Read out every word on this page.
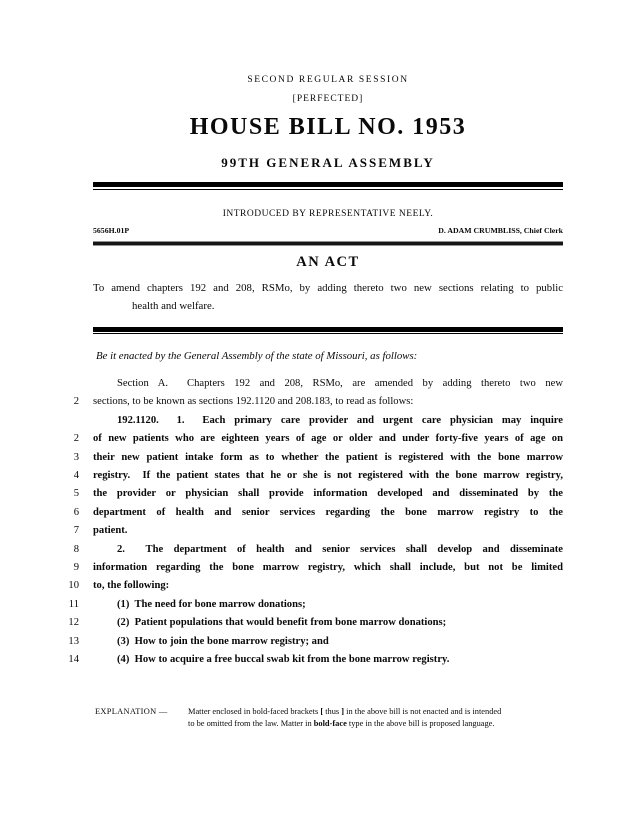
SECOND REGULAR SESSION
[PERFECTED]
HOUSE BILL NO. 1953
99TH GENERAL ASSEMBLY
INTRODUCED BY REPRESENTATIVE NEELY.
5656H.01P	D. ADAM CRUMBLISS, Chief Clerk
AN ACT
To amend chapters 192 and 208, RSMo, by adding thereto two new sections relating to public
health and welfare.

Be it enacted by the General Assembly of the state of Missouri, as follows:

Section A.  Chapters 192 and 208, RSMo, are amended by adding thereto two new
2 sections, to be known as sections 192.1120 and 208.183, to read as follows:
192.1120.  1.  Each primary care provider and urgent care physician may inquire
2 of new patients who are eighteen years of age or older and under forty-five years of age on
3 their new patient intake form as to whether the patient is registered with the bone marrow
4 registry.  If the patient states that he or she is not registered with the bone marrow registry,
5 the provider or physician shall provide information developed and disseminated by the
6 department of health and senior services regarding the bone marrow registry to the
7 patient.
8	2.  The department of health and senior services shall develop and disseminate
9 information regarding the bone marrow registry, which shall include, but not be limited
10 to, the following:
11	(1)  The need for bone marrow donations;
12	(2)  Patient populations that would benefit from bone marrow donations;
13	(3)  How to join the bone marrow registry; and
14	(4)  How to acquire a free buccal swab kit from the bone marrow registry.
EXPLANATION —	Matter enclosed in bold-faced brackets [ thus ] in the above bill is not enacted and is intended
to be omitted from the law. Matter in bold-face type in the above bill is proposed language.
